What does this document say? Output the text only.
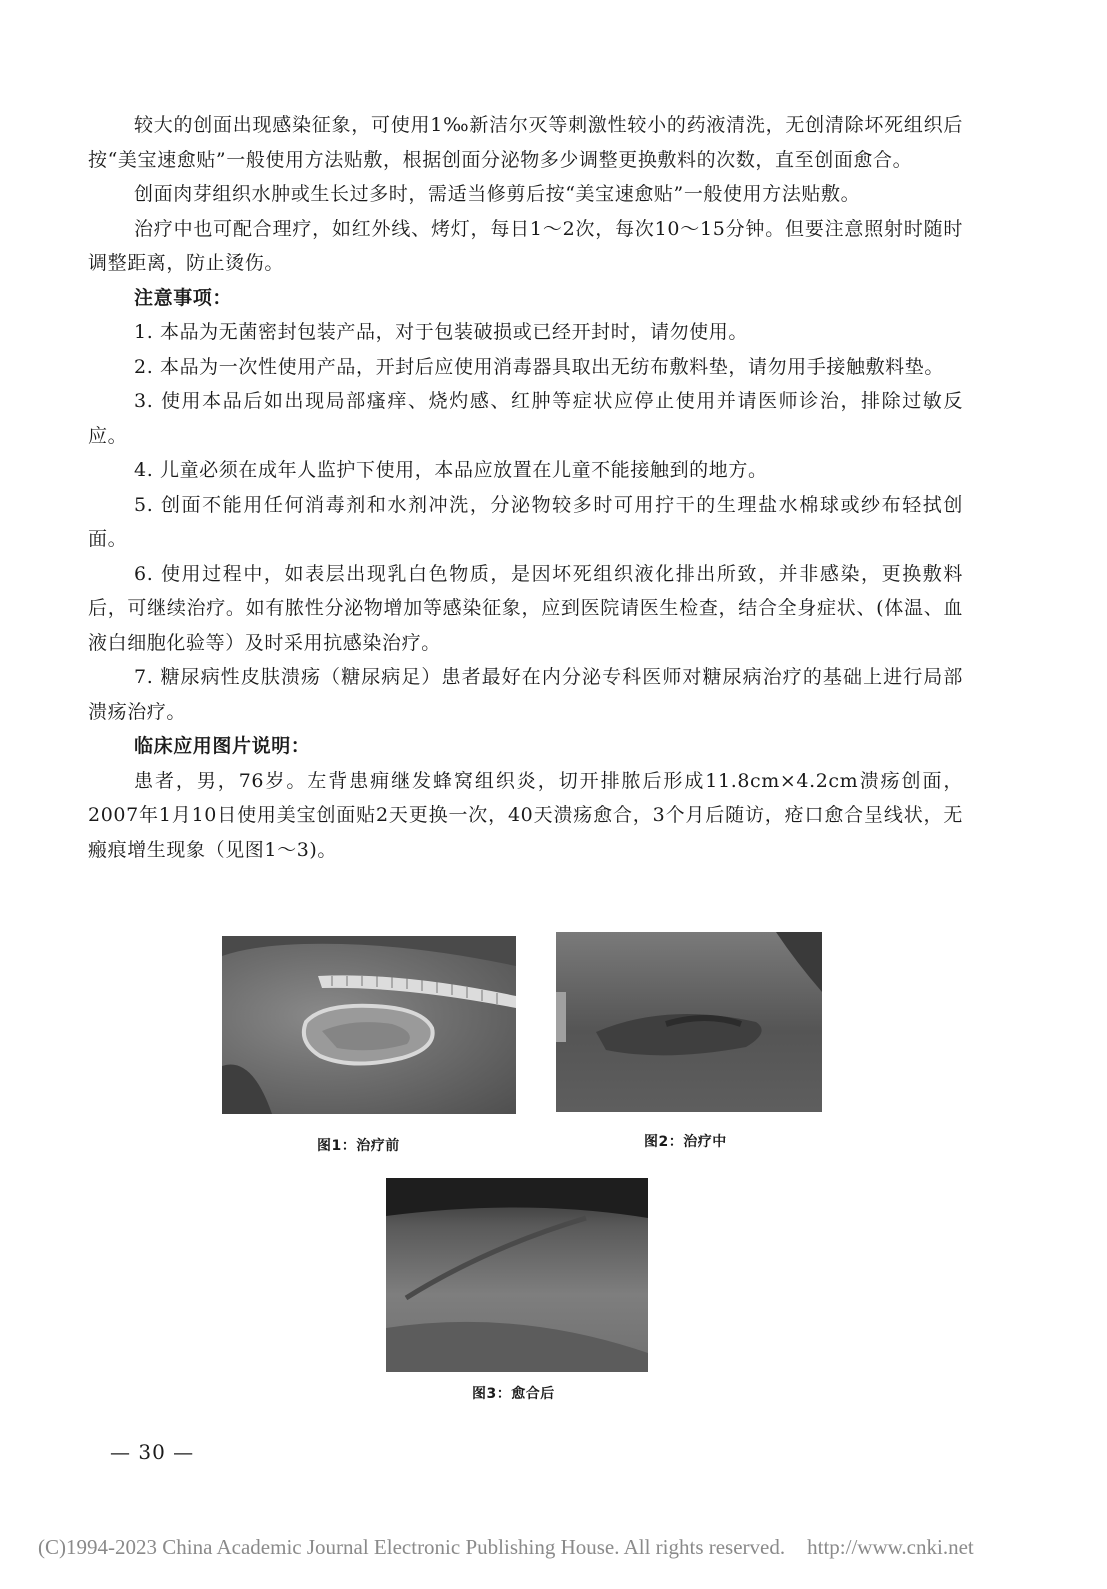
较大的创面出现感染征象，可使用1‰新洁尔灭等刺激性较小的药液清洗，无创清除坏死组织后按“美宝速愈贴”一般使用方法贴敷，根据创面分泌物多少调整更换敷料的次数，直至创面愈合。

创面肉芽组织水肿或生长过多时，需适当修剪后按“美宝速愈贴”一般使用方法贴敷。

治疗中也可配合理疗，如红外线、烤灯，每日1～2次，每次10～15分钟。但要注意照射时随时调整距离，防止烫伤。

注意事项：

1. 本品为无菌密封包装产品，对于包装破损或已经开封时，请勿使用。

2. 本品为一次性使用产品，开封后应使用消毒器具取出无纺布敷料垫，请勿用手接触敷料垫。

3. 使用本品后如出现局部瘙痒、烧灼感、红肿等症状应停止使用并请医师诊治，排除过敏反应。

4. 儿童必须在成年人监护下使用，本品应放置在儿童不能接触到的地方。

5. 创面不能用任何消毒剂和水剂冲洗，分泌物较多时可用拧干的生理盐水棉球或纱布轻拭创面。

6. 使用过程中，如表层出现乳白色物质，是因坏死组织液化排出所致，并非感染，更换敷料后，可继续治疗。如有脓性分泌物增加等感染征象，应到医院请医生检查，结合全身症状、(体温、血液白细胞化验等）及时采用抗感染治疗。

7. 糖尿病性皮肤溃疡（糖尿病足）患者最好在内分泌专科医师对糖尿病治疗的基础上进行局部溃疡治疗。

临床应用图片说明：

患者，男，76岁。左背患痈继发蜂窝组织炎，切开排脓后形成11.8cm×4.2cm溃疡创面，2007年1月10日使用美宝创面贴2天更换一次，40天溃疡愈合，3个月后随访，疮口愈合呈线状，无瘢痕增生现象（见图1～3)。

图1：治疗前	图2：治疗中
图3：愈合后
— 30 —
(C)1994-2023 China Academic Journal Electronic Publishing House. All rights reserved. http://www.cnki.net
